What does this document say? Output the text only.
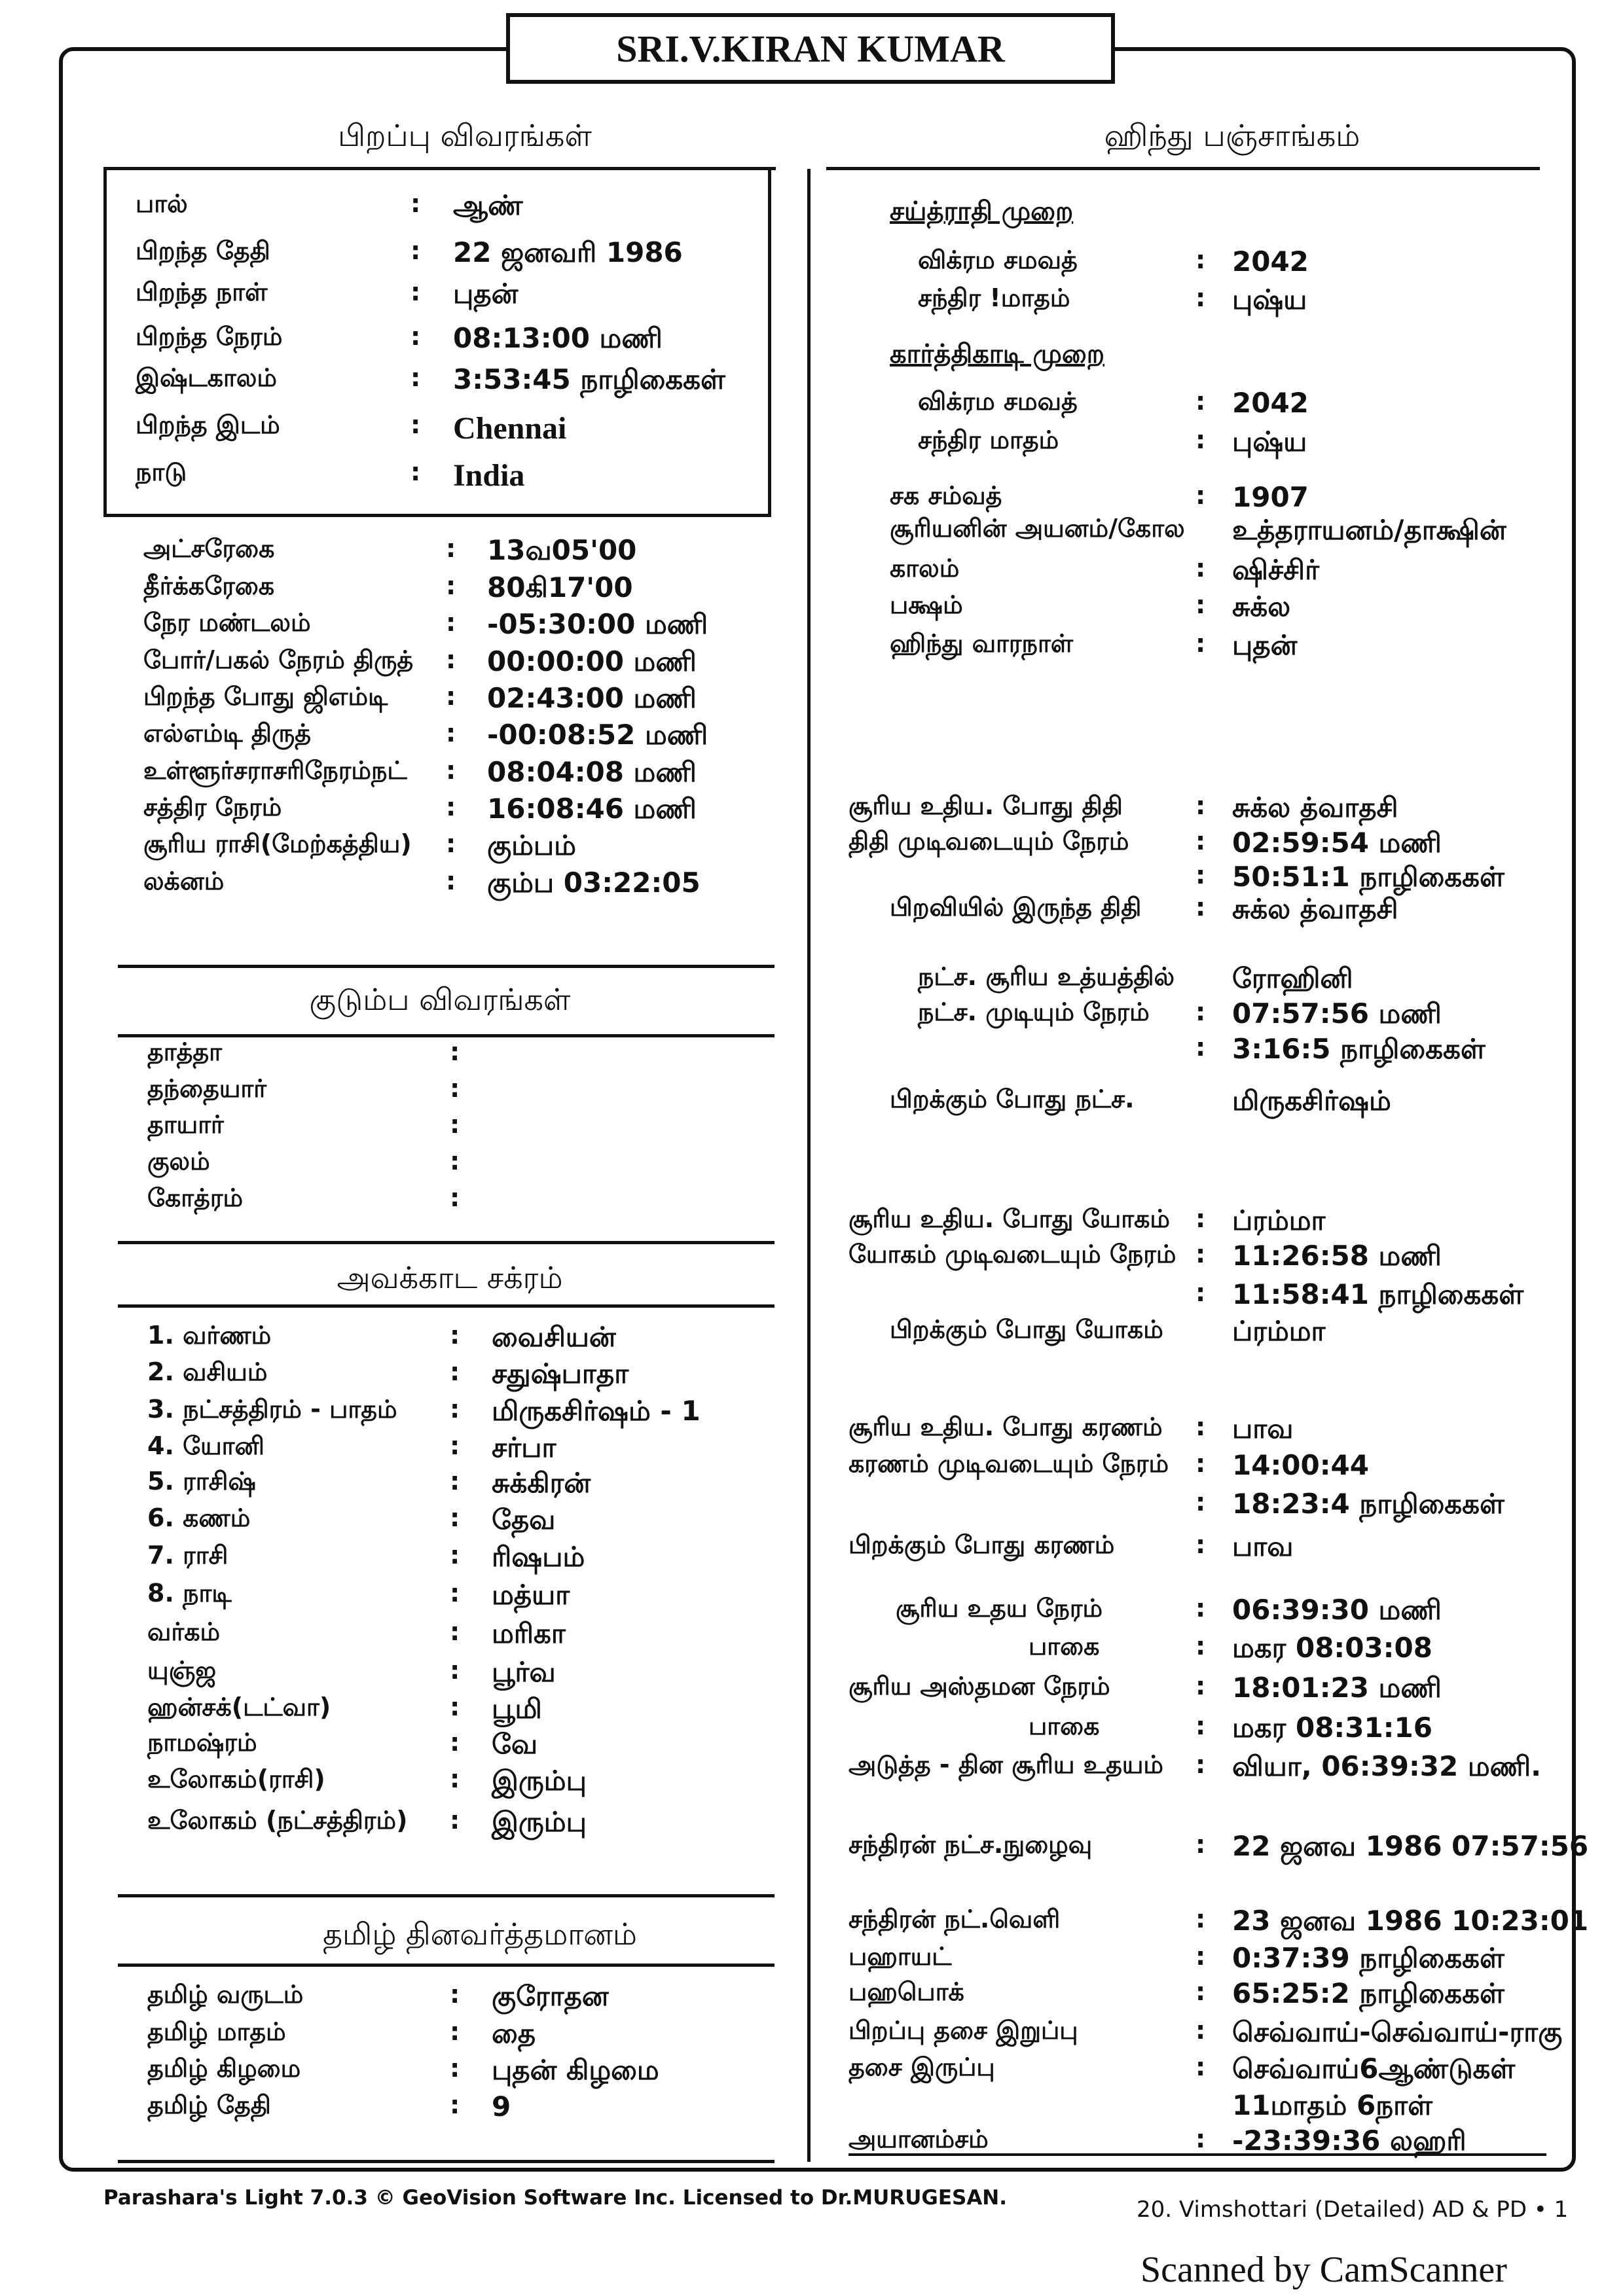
SRI.V.KIRAN KUMAR
பிறப்பு விவரங்கள்	ஹிந்து பஞ்சாங்கம்
குடும்ப விவரங்கள்
அவக்காட சக்ரம்
தமிழ் தினவர்த்தமானம்
சய்த்ராதி முறை
கார்த்திகாடி முறை
பால்	: ஆண்
பிறந்த தேதி	: 22 ஜனவரி 1986
பிறந்த நாள்	: புதன்
பிறந்த நேரம்	: 08:13:00 மணி
இஷ்டகாலம்	: 3:53:45 நாழிகைகள்
பிறந்த இடம்	: Chennai
நாடு	: India
அட்சரேகை	: 13வ05'00
தீர்க்கரேகை	: 80கி17'00
நேர மண்டலம்	: -05:30:00 மணி
போர்/பகல் நேரம் திருத் : 00:00:00 மணி
பிறந்த போது ஜிஎம்டி : 02:43:00 மணி
எல்எம்டி திருத்	: -00:08:52 மணி
உள்ளூர்சராசரிநேரம்நட் : 08:04:08 மணி
சத்திர நேரம்	: 16:08:46 மணி
சூரிய ராசி(மேற்கத்திய) : கும்பம்
லக்னம்	: கும்ப 03:22:05
தாத்தா	:
தந்தையார்	:
தாயார்	:
குலம்	:
கோத்ரம்	:
1. வர்ணம்	: வைசியன்
2. வசியம்	: சதுஷ்பாதா
3. நட்சத்திரம் - பாதம் : மிருகசிர்ஷம் - 1
4. யோனி	: சர்பா
5. ராசிஷ்	: சுக்கிரன்
6. கணம்	: தேவ
7. ராசி	: ரிஷபம்
8. நாடி	: மத்யா
வர்கம்	: மரிகா
யுஞ்ஜ	: பூர்வ
ஹன்சக்(டட்வா)	: பூமி
நாமஷ்ரம்	: வே
உலோகம்(ராசி)	: இரும்பு
உலோகம் (நட்சத்திரம்) : இரும்பு
தமிழ் வருடம்	: குரோதன
தமிழ் மாதம்	: தை
தமிழ் கிழமை	: புதன் கிழமை
தமிழ் தேதி	: 9
விக்ரம சமவத்	: 2042
சந்திர !மாதம்	: புஷ்ய
விக்ரம சமவத்	: 2042
சந்திர மாதம்	: புஷ்ய
சக சம்வத்	: 1907
சூரியனின் அயனம்/கோல உத்தராயனம்/தாக்ஷின்
காலம்	: ஷிச்சிர்
பக்ஷம்	: சுக்ல
ஹிந்து வாரநாள்	: புதன்
சூரிய உதிய. போது திதி	: சுக்ல த்வாதசி
திதி முடிவடையும் நேரம்	: 02:59:54 மணி
: 50:51:1 நாழிகைகள்
பிறவியில் இருந்த திதி : சுக்ல த்வாதசி
நட்ச. சூரிய உத்யத்தில் ரோஹினி
நட்ச. முடியும் நேரம் : 07:57:56 மணி
: 3:16:5 நாழிகைகள்
பிறக்கும் போது நட்ச.	மிருகசிர்ஷம்
சூரிய உதிய. போது யோகம் : ப்ரம்மா
யோகம் முடிவடையும் நேரம் : 11:26:58 மணி
: 11:58:41 நாழிகைகள்
பிறக்கும் போது யோகம்	ப்ரம்மா
சூரிய உதிய. போது கரணம் : பாவ
கரணம் முடிவடையும் நேரம் : 14:00:44
: 18:23:4 நாழிகைகள்
பிறக்கும் போது கரணம்	: பாவ
சூரிய உதய நேரம்	: 06:39:30 மணி
பாகை	: மகர 08:03:08
சூரிய அஸ்தமன நேரம்	: 18:01:23 மணி
பாகை	: மகர 08:31:16
அடுத்த - தின சூரிய உதயம் : வியா, 06:39:32 மணி.
சந்திரன் நட்ச.நுழைவு	: 22 ஜனவ 1986 07:57:56
சந்திரன் நட்.வெளி	: 23 ஜனவ 1986 10:23:01
பஹாயட்	: 0:37:39 நாழிகைகள்
பஹபொக்	: 65:25:2 நாழிகைகள்
பிறப்பு தசை இறுப்பு	: செவ்வாய்-செவ்வாய்-ராகு
தசை இருப்பு	: செவ்வாய்6ஆண்டுகள்
11மாதம் 6நாள்
அயானம்சம்	: -23:39:36 லஹரி
Parashara's Light 7.0.3 © GeoVision Software Inc. Licensed to Dr.MURUGESAN.	20. Vimshottari (Detailed) AD & PD • 1
Scanned by CamScanner
